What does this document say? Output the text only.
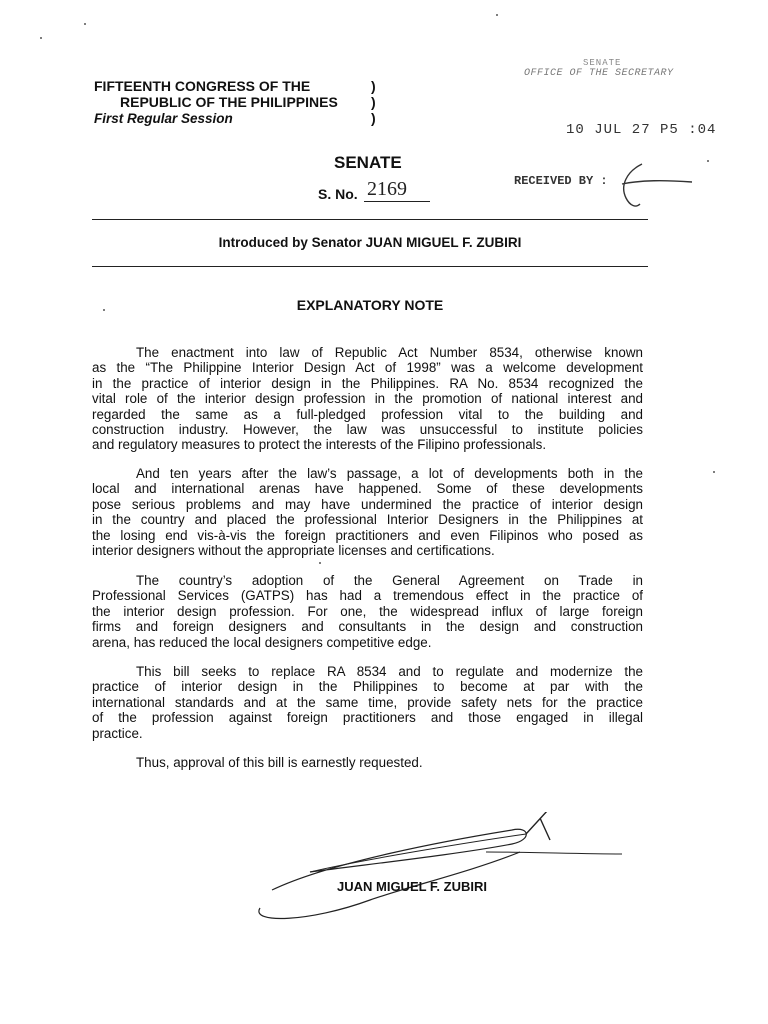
FIFTEENTH CONGRESS OF THE
REPUBLIC OF THE PHILIPPINES
First Regular Session
)
)
)
SENATE
OFFICE OF THE SECRETARY
10 JUL 27 P5 :04
RECEIVED BY :
SENATE
S. No. 2169
Introduced by Senator JUAN MIGUEL F. ZUBIRI
EXPLANATORY NOTE
The enactment into law of Republic Act Number 8534, otherwise known
as the “The Philippine Interior Design Act of 1998” was a welcome development
in the practice of interior design in the Philippines. RA No. 8534 recognized the
vital role of the interior design profession in the promotion of national interest and
regarded the same as a full-pledged profession vital to the building and
construction industry. However, the law was unsuccessful to institute policies
and regulatory measures to protect the interests of the Filipino professionals.
And ten years after the law’s passage, a lot of developments both in the
local and international arenas have happened. Some of these developments
pose serious problems and may have undermined the practice of interior design
in the country and placed the professional Interior Designers in the Philippines at
the losing end vis-à-vis the foreign practitioners and even Filipinos who posed as
interior designers without the appropriate licenses and certifications.
The country’s adoption of the General Agreement on Trade in
Professional Services (GATPS) has had a tremendous effect in the practice of
the interior design profession. For one, the widespread influx of large foreign
firms and foreign designers and consultants in the design and construction
arena, has reduced the local designers competitive edge.
This bill seeks to replace RA 8534 and to regulate and modernize the
practice of interior design in the Philippines to become at par with the
international standards and at the same time, provide safety nets for the practice
of the profession against foreign practitioners and those engaged in illegal
practice.
Thus, approval of this bill is earnestly requested.
JUAN MIGUEL F. ZUBIRI
